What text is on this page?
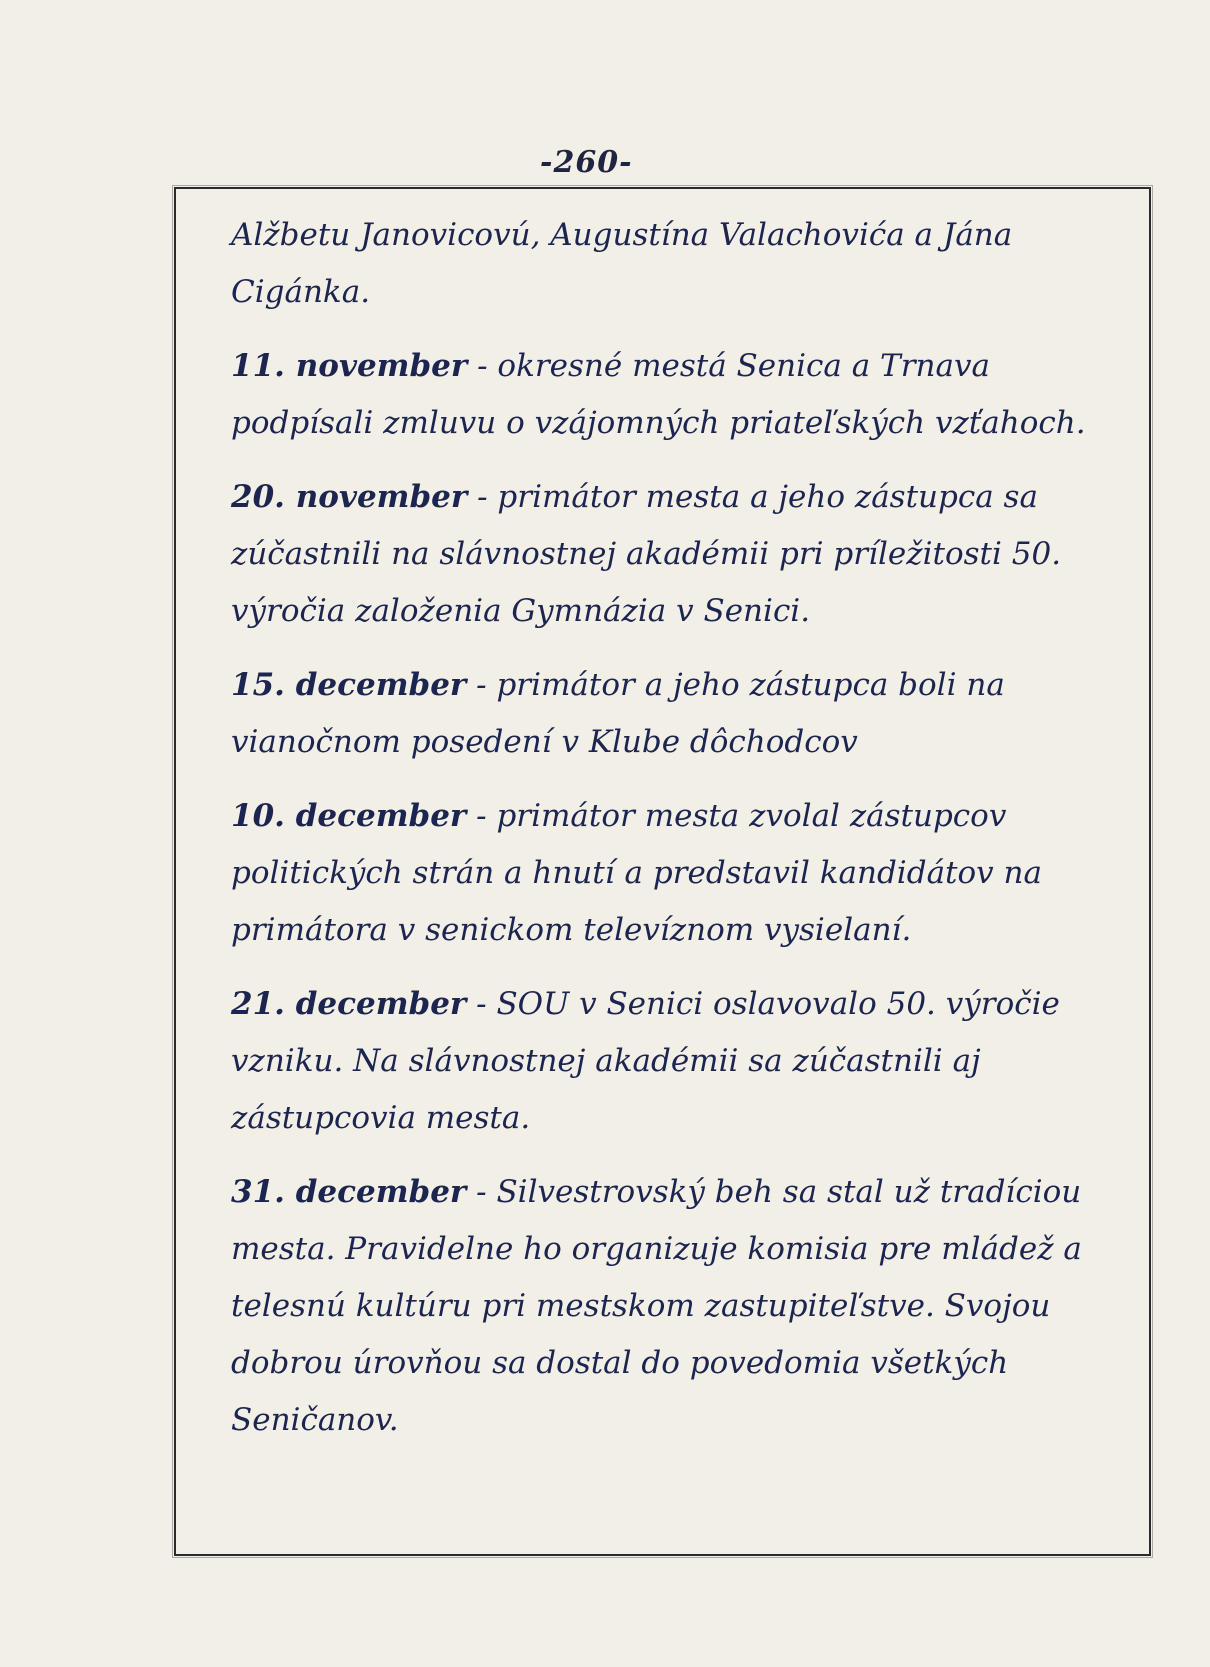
-260-

Alžbetu Janovicovú, Augustína Valachovića a Jána Cigánka.

11. november - okresné mestá Senica a Trnava podpísali zmluvu o vzájomných priateľských vzťahoch.

20. november - primátor mesta a jeho zástupca sa zúčastnili na slávnostnej akadémii pri príležitosti 50. výročia založenia Gymnázia v Senici.

15. december - primátor a jeho zástupca boli na vianočnom posedení v Klube dôchodcov

10. december - primátor mesta zvolal zástupcov politických strán a hnutí a predstavil kandidátov na primátora v senickom televíznom vysielaní.

21. december - SOU v Senici oslavovalo 50. výročie vzniku. Na slávnostnej akadémii sa zúčastnili aj zástupcovia mesta.

31. december - Silvestrovský beh sa stal už tradíciou mesta. Pravidelne ho organizuje komisia pre mládež a telesnú kultúru pri mestskom zastupiteľstve. Svojou dobrou úrovňou sa dostal do povedomia všetkých Seničanov.
